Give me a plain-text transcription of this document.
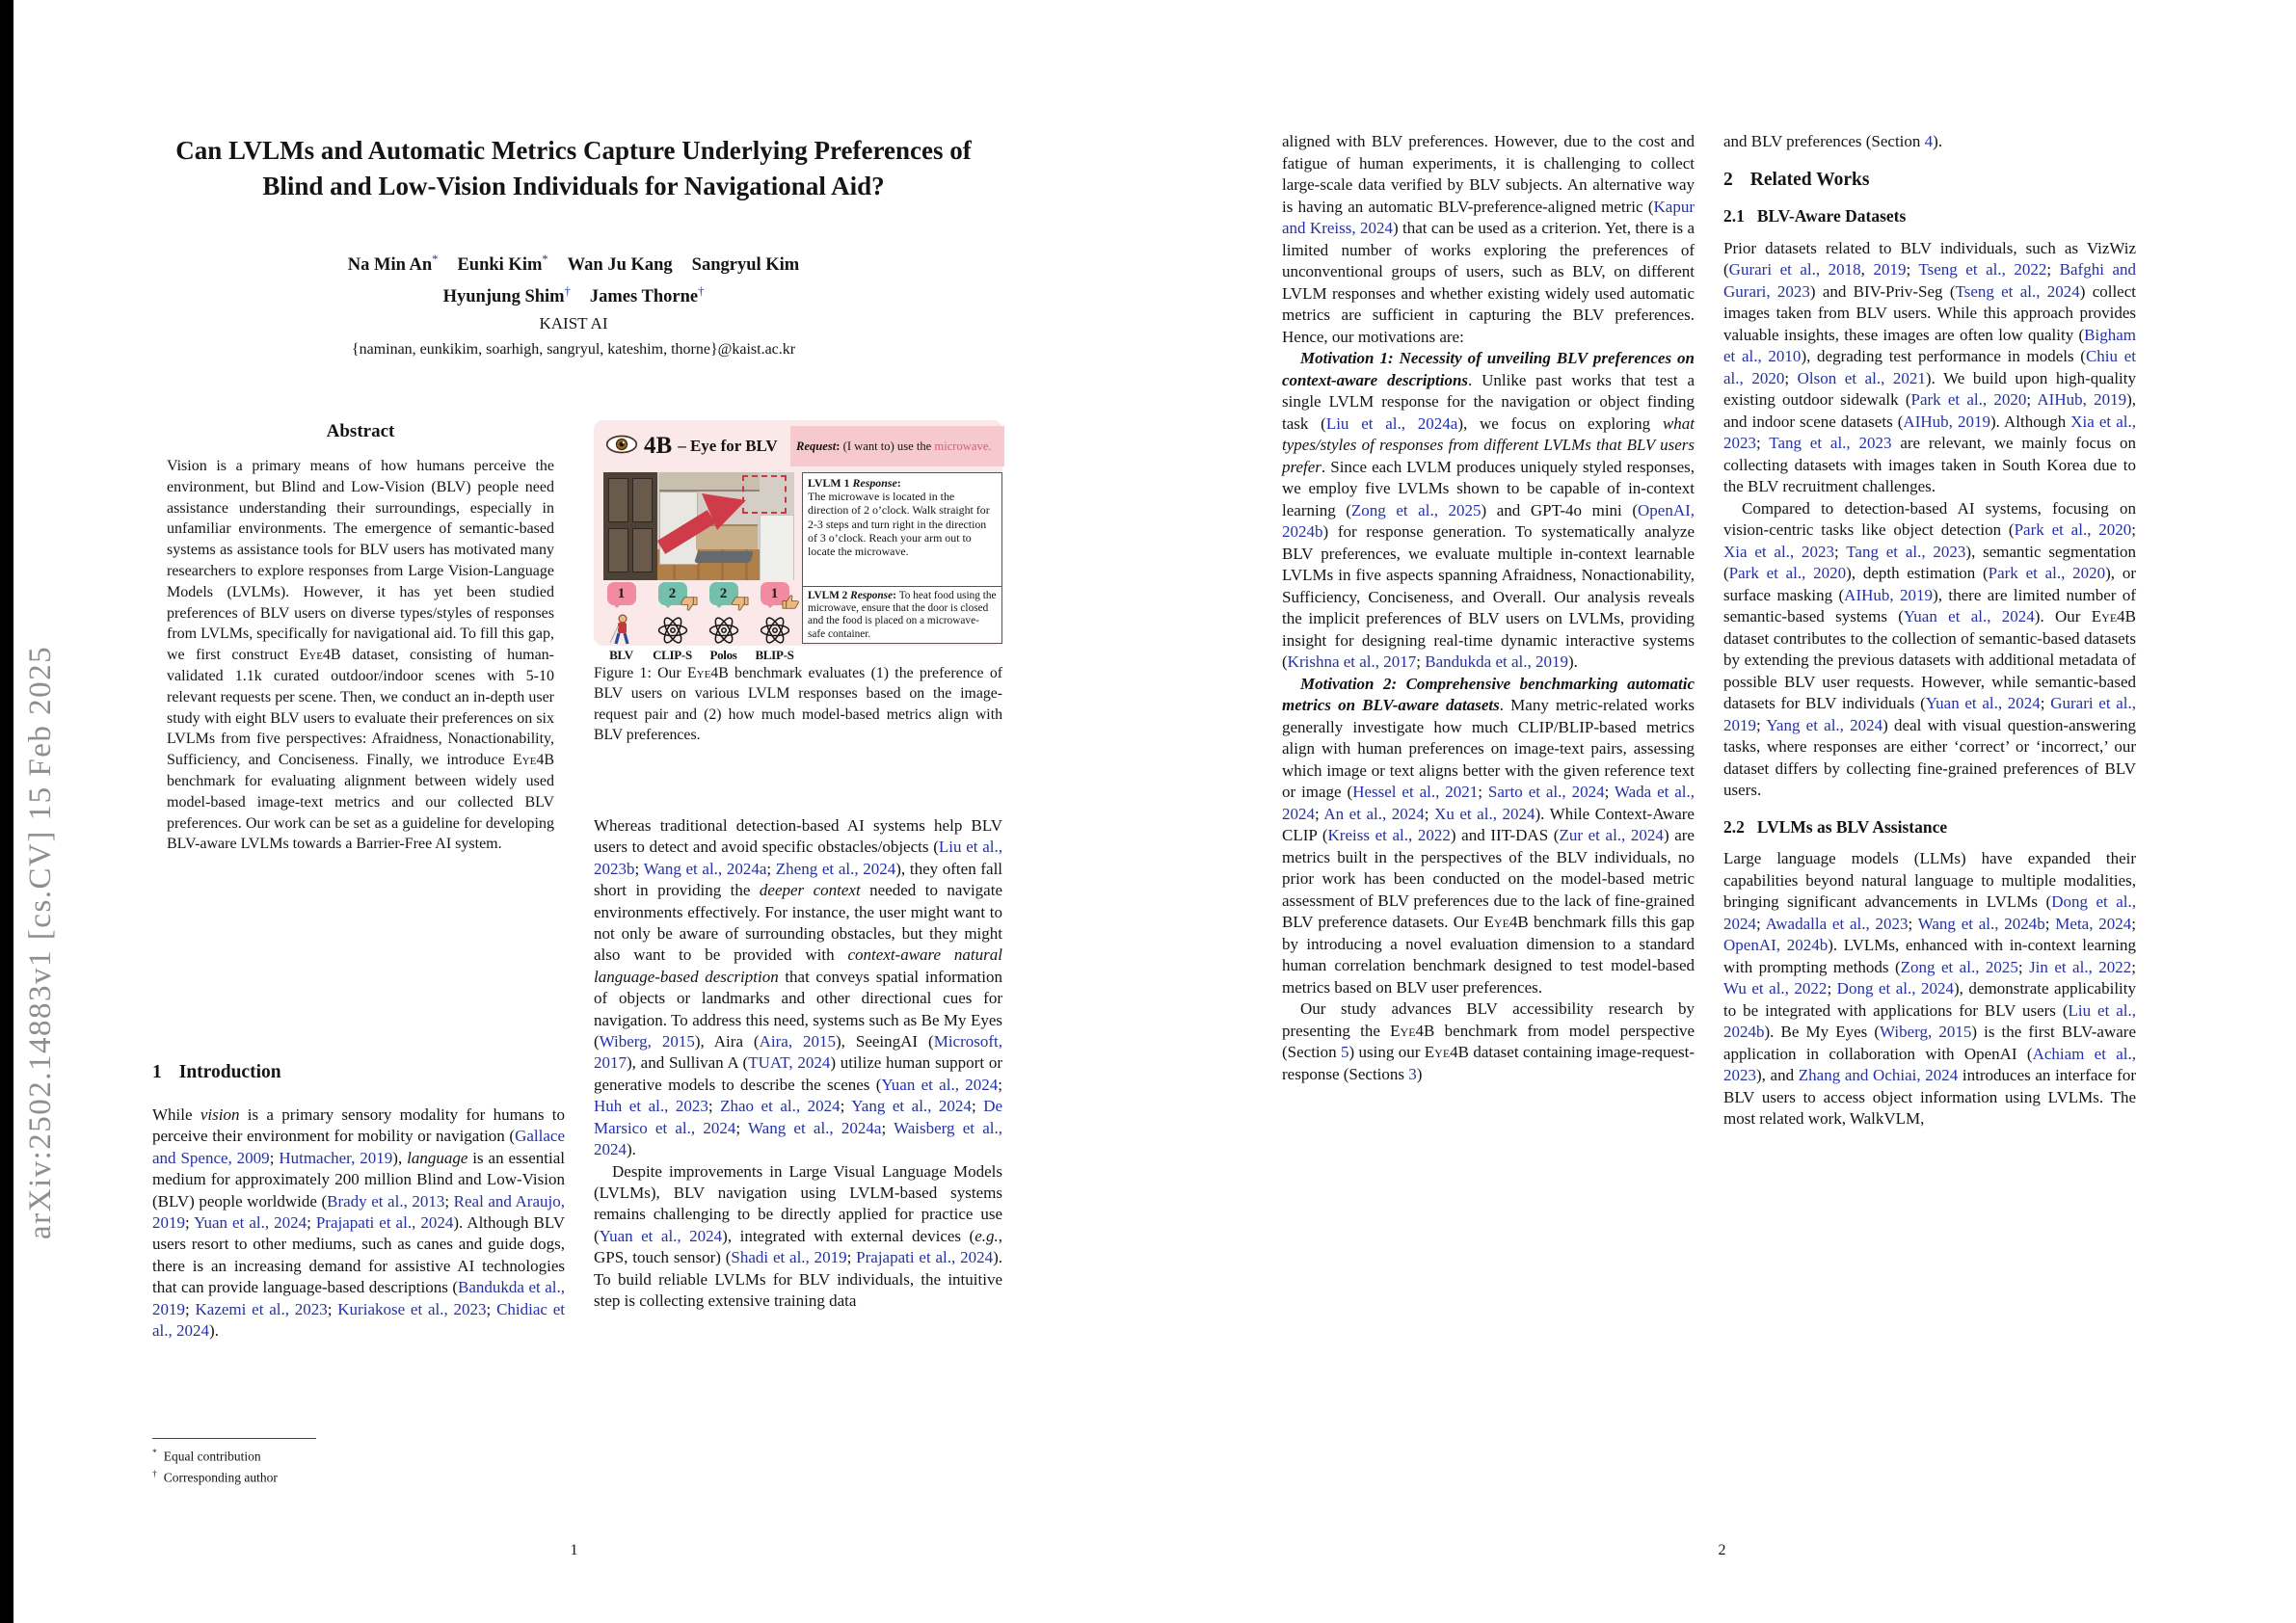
arXiv:2502.14883v1 [cs.CV] 15 Feb 2025
Can LVLMs and Automatic Metrics Capture Underlying Preferences of
Blind and Low-Vision Individuals for Navigational Aid?
Na Min An* Eunki Kim* Wan Ju Kang Sangryul Kim
Hyunjung Shim† James Thorne†
KAIST AI
{naminan, eunkikim, soarhigh, sangryul, kateshim, thorne}@kaist.ac.kr
Abstract
Vision is a primary means of how humans perceive the environment, but Blind and Low-Vision (BLV) people need assistance understanding their surroundings, especially in unfamiliar environments. The emergence of semantic-based systems as assistance tools for BLV users has motivated many researchers to explore responses from Large Vision-Language Models (LVLMs). However, it has yet been studied preferences of BLV users on diverse types/styles of responses from LVLMs, specifically for navigational aid. To fill this gap, we first construct Eye4B dataset, consisting of human-validated 1.1k curated outdoor/indoor scenes with 5-10 relevant requests per scene. Then, we conduct an in-depth user study with eight BLV users to evaluate their preferences on six LVLMs from five perspectives: Afraidness, Nonactionability, Sufficiency, and Conciseness. Finally, we introduce Eye4B benchmark for evaluating alignment between widely used model-based image-text metrics and our collected BLV preferences. Our work can be set as a guideline for developing BLV-aware LVLMs towards a Barrier-Free AI system.
1 Introduction
While vision is a primary sensory modality for humans to perceive their environment for mobility or navigation (Gallace and Spence, 2009; Hutmacher, 2019), language is an essential medium for approximately 200 million Blind and Low-Vision (BLV) people worldwide (Brady et al., 2013; Real and Araujo, 2019; Yuan et al., 2024; Prajapati et al., 2024). Although BLV users resort to other mediums, such as canes and guide dogs, there is an increasing demand for assistive AI technologies that can provide language-based descriptions (Bandukda et al., 2019; Kazemi et al., 2023; Kuriakose et al., 2023; Chidiac et al., 2024).
* Equal contribution
† Corresponding author
4B – Eye for BLV Request: (I want to) use the microwave.
LVLM 1 Response:
The microwave is located in the direction of 2 o’clock. Walk straight for 2-3 steps and turn right in the direction of 3 o’clock. Reach your arm out to locate the microwave.
LVLM 2 Response: To heat food using the microwave, ensure that the door is closed and the food is placed on a microwave-safe container.
1
BLV
2
CLIP-S
2
Polos
1
BLIP-S
Figure 1: Our Eye4B benchmark evaluates (1) the preference of BLV users on various LVLM responses based on the image-request pair and (2) how much model-based metrics align with BLV preferences.

Whereas traditional detection-based AI systems help BLV users to detect and avoid specific obstacles/objects (Liu et al., 2023b; Wang et al., 2024a; Zheng et al., 2024), they often fall short in providing the deeper context needed to navigate environments effectively. For instance, the user might want to not only be aware of surrounding obstacles, but they might also want to be provided with context-aware natural language-based description that conveys spatial information of objects or landmarks and other directional cues for navigation. To address this need, systems such as Be My Eyes (Wiberg, 2015), Aira (Aira, 2015), SeeingAI (Microsoft, 2017), and Sullivan A (TUAT, 2024) utilize human support or generative models to describe the scenes (Yuan et al., 2024; Huh et al., 2023; Zhao et al., 2024; Yang et al., 2024; De Marsico et al., 2024; Wang et al., 2024a; Waisberg et al., 2024).

Despite improvements in Large Visual Language Models (LVLMs), BLV navigation using LVLM-based systems remains challenging to be directly applied for practice use (Yuan et al., 2024), integrated with external devices (e.g., GPS, touch sensor) (Shadi et al., 2019; Prajapati et al., 2024). To build reliable LVLMs for BLV individuals, the intuitive step is collecting extensive training data

1

aligned with BLV preferences. However, due to the cost and fatigue of human experiments, it is challenging to collect large-scale data verified by BLV subjects. An alternative way is having an automatic BLV-preference-aligned metric (Kapur and Kreiss, 2024) that can be used as a criterion. Yet, there is a limited number of works exploring the preferences of unconventional groups of users, such as BLV, on different LVLM responses and whether existing widely used automatic metrics are sufficient in capturing the BLV preferences. Hence, our motivations are:

Motivation 1: Necessity of unveiling BLV preferences on context-aware descriptions. Unlike past works that test a single LVLM response for the navigation or object finding task (Liu et al., 2024a), we focus on exploring what types/styles of responses from different LVLMs that BLV users prefer. Since each LVLM produces uniquely styled responses, we employ five LVLMs shown to be capable of in-context learning (Zong et al., 2025) and GPT-4o mini (OpenAI, 2024b) for response generation. To systematically analyze BLV preferences, we evaluate multiple in-context learnable LVLMs in five aspects spanning Afraidness, Nonactionability, Sufficiency, Conciseness, and Overall. Our analysis reveals the implicit preferences of BLV users on LVLMs, providing insight for designing real-time dynamic interactive systems (Krishna et al., 2017; Bandukda et al., 2019).

Motivation 2: Comprehensive benchmarking automatic metrics on BLV-aware datasets. Many metric-related works generally investigate how much CLIP/BLIP-based metrics align with human preferences on image-text pairs, assessing which image or text aligns better with the given reference text or image (Hessel et al., 2021; Sarto et al., 2024; Wada et al., 2024; An et al., 2024; Xu et al., 2024). While Context-Aware CLIP (Kreiss et al., 2022) and IIT-DAS (Zur et al., 2024) are metrics built in the perspectives of the BLV individuals, no prior work has been conducted on the model-based metric assessment of BLV preferences due to the lack of fine-grained BLV preference datasets. Our Eye4B benchmark fills this gap by introducing a novel evaluation dimension to a standard human correlation benchmark designed to test model-based metrics based on BLV user preferences.

Our study advances BLV accessibility research by presenting the Eye4B benchmark from model perspective (Section 5) using our Eye4B dataset containing image-request-response (Sections 3)

and BLV preferences (Section 4).

2 Related Works
2.1 BLV-Aware Datasets

Prior datasets related to BLV individuals, such as VizWiz (Gurari et al., 2018, 2019; Tseng et al., 2022; Bafghi and Gurari, 2023) and BIV-Priv-Seg (Tseng et al., 2024) collect images taken from BLV users. While this approach provides valuable insights, these images are often low quality (Bigham et al., 2010), degrading test performance in models (Chiu et al., 2020; Olson et al., 2021). We build upon high-quality existing outdoor sidewalk (Park et al., 2020; AIHub, 2019), and indoor scene datasets (AIHub, 2019). Although Xia et al., 2023; Tang et al., 2023 are relevant, we mainly focus on collecting datasets with images taken in South Korea due to the BLV recruitment challenges.

Compared to detection-based AI systems, focusing on vision-centric tasks like object detection (Park et al., 2020; Xia et al., 2023; Tang et al., 2023), semantic segmentation (Park et al., 2020), depth estimation (Park et al., 2020), or surface masking (AIHub, 2019), there are limited number of semantic-based systems (Yuan et al., 2024). Our Eye4B dataset contributes to the collection of semantic-based datasets by extending the previous datasets with additional metadata of possible BLV user requests. However, while semantic-based datasets for BLV individuals (Yuan et al., 2024; Gurari et al., 2019; Yang et al., 2024) deal with visual question-answering tasks, where responses are either ‘correct’ or ‘incorrect,’ our dataset differs by collecting fine-grained preferences of BLV users.

2.2 LVLMs as BLV Assistance

Large language models (LLMs) have expanded their capabilities beyond natural language to multiple modalities, bringing significant advancements in LVLMs (Dong et al., 2024; Awadalla et al., 2023; Wang et al., 2024b; Meta, 2024; OpenAI, 2024b). LVLMs, enhanced with in-context learning with prompting methods (Zong et al., 2025; Jin et al., 2022; Wu et al., 2022; Dong et al., 2024), demonstrate applicability to be integrated with applications for BLV users (Liu et al., 2024b). Be My Eyes (Wiberg, 2015) is the first BLV-aware application in collaboration with OpenAI (Achiam et al., 2023), and Zhang and Ochiai, 2024 introduces an interface for BLV users to access object information using LVLMs. The most related work, WalkVLM,

2
